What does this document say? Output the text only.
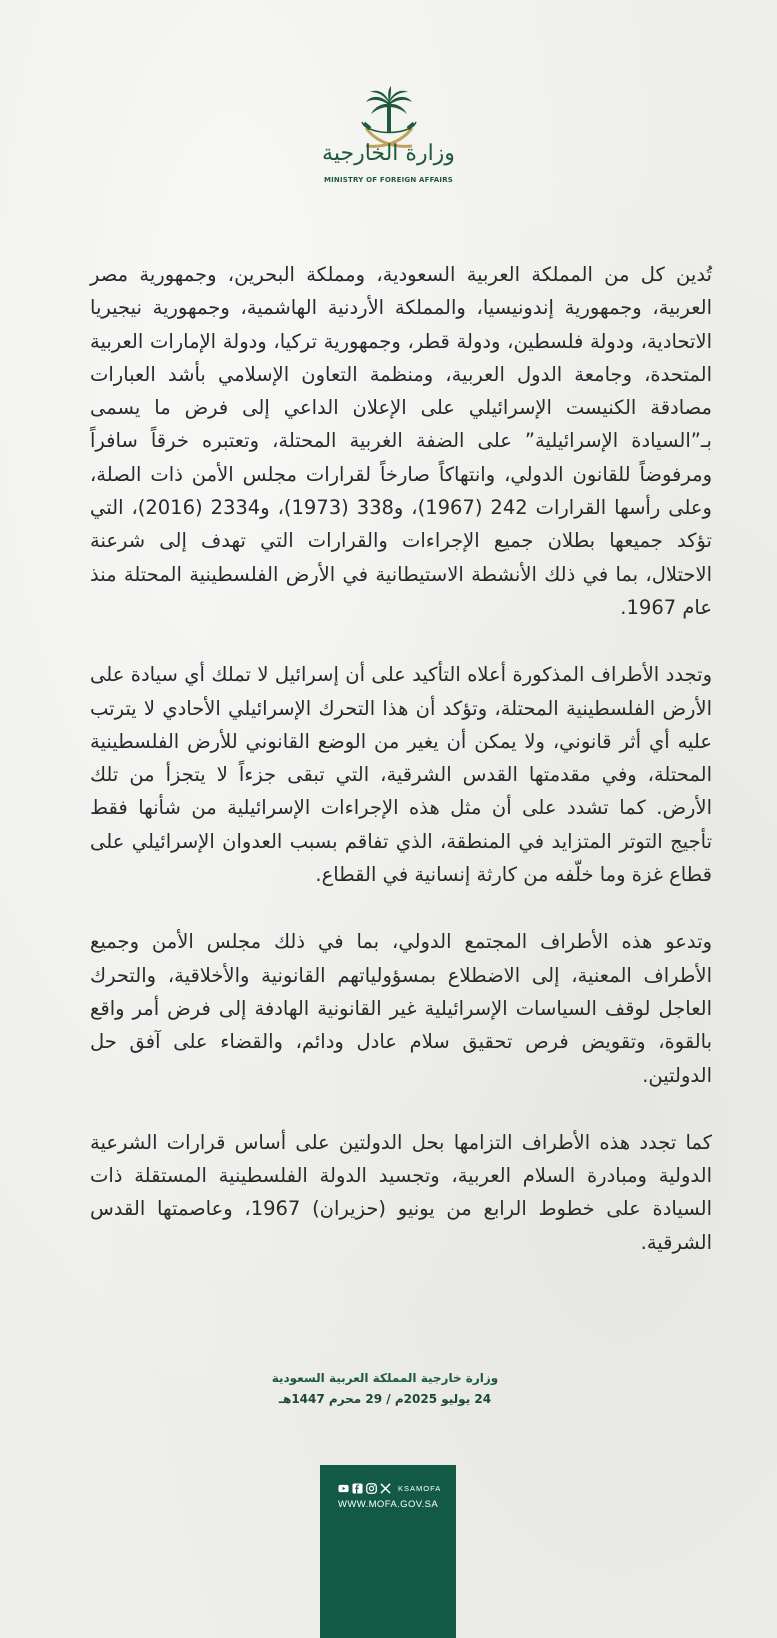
وزارة الخارجية
MINISTRY OF FOREIGN AFFAIRS

تُدين كل من المملكة العربية السعودية، ومملكة البحرين، وجمهورية مصر العربية، وجمهورية إندونيسيا، والمملكة الأردنية الهاشمية، وجمهورية نيجيريا الاتحادية، ودولة فلسطين، ودولة قطر، وجمهورية تركيا، ودولة الإمارات العربية المتحدة، وجامعة الدول العربية، ومنظمة التعاون الإسلامي بأشد العبارات مصادقة الكنيست الإسرائيلي على الإعلان الداعي إلى فرض ما يسمى بـ”السيادة الإسرائيلية” على الضفة الغربية المحتلة، وتعتبره خرقاً سافراً ومرفوضاً للقانون الدولي، وانتهاكاً صارخاً لقرارات مجلس الأمن ذات الصلة، وعلى رأسها القرارات 242 (1967)، و338 (1973)، و2334 (2016)، التي تؤكد جميعها بطلان جميع الإجراءات والقرارات التي تهدف إلى شرعنة الاحتلال، بما في ذلك الأنشطة الاستيطانية في الأرض الفلسطينية المحتلة منذ عام 1967.

وتجدد الأطراف المذكورة أعلاه التأكيد على أن إسرائيل لا تملك أي سيادة على الأرض الفلسطينية المحتلة، وتؤكد أن هذا التحرك الإسرائيلي الأحادي لا يترتب عليه أي أثر قانوني، ولا يمكن أن يغير من الوضع القانوني للأرض الفلسطينية المحتلة، وفي مقدمتها القدس الشرقية، التي تبقى جزءاً لا يتجزأ من تلك الأرض. كما تشدد على أن مثل هذه الإجراءات الإسرائيلية من شأنها فقط تأجيج التوتر المتزايد في المنطقة، الذي تفاقم بسبب العدوان الإسرائيلي على قطاع غزة وما خلّفه من كارثة إنسانية في القطاع.

وتدعو هذه الأطراف المجتمع الدولي، بما في ذلك مجلس الأمن وجميع الأطراف المعنية، إلى الاضطلاع بمسؤولياتهم القانونية والأخلاقية، والتحرك العاجل لوقف السياسات الإسرائيلية غير القانونية الهادفة إلى فرض أمر واقع بالقوة، وتقويض فرص تحقيق سلام عادل ودائم، والقضاء على آفق حل الدولتين.

كما تجدد هذه الأطراف التزامها بحل الدولتين على أساس قرارات الشرعية الدولية ومبادرة السلام العربية، وتجسيد الدولة الفلسطينية المستقلة ذات السيادة على خطوط الرابع من يونيو (حزيران) 1967، وعاصمتها القدس الشرقية.

وزارة خارجية المملكة العربية السعودية
24 يوليو 2025م / 29 محرم 1447هـ
KSAMOFA
WWW.MOFA.GOV.SA
